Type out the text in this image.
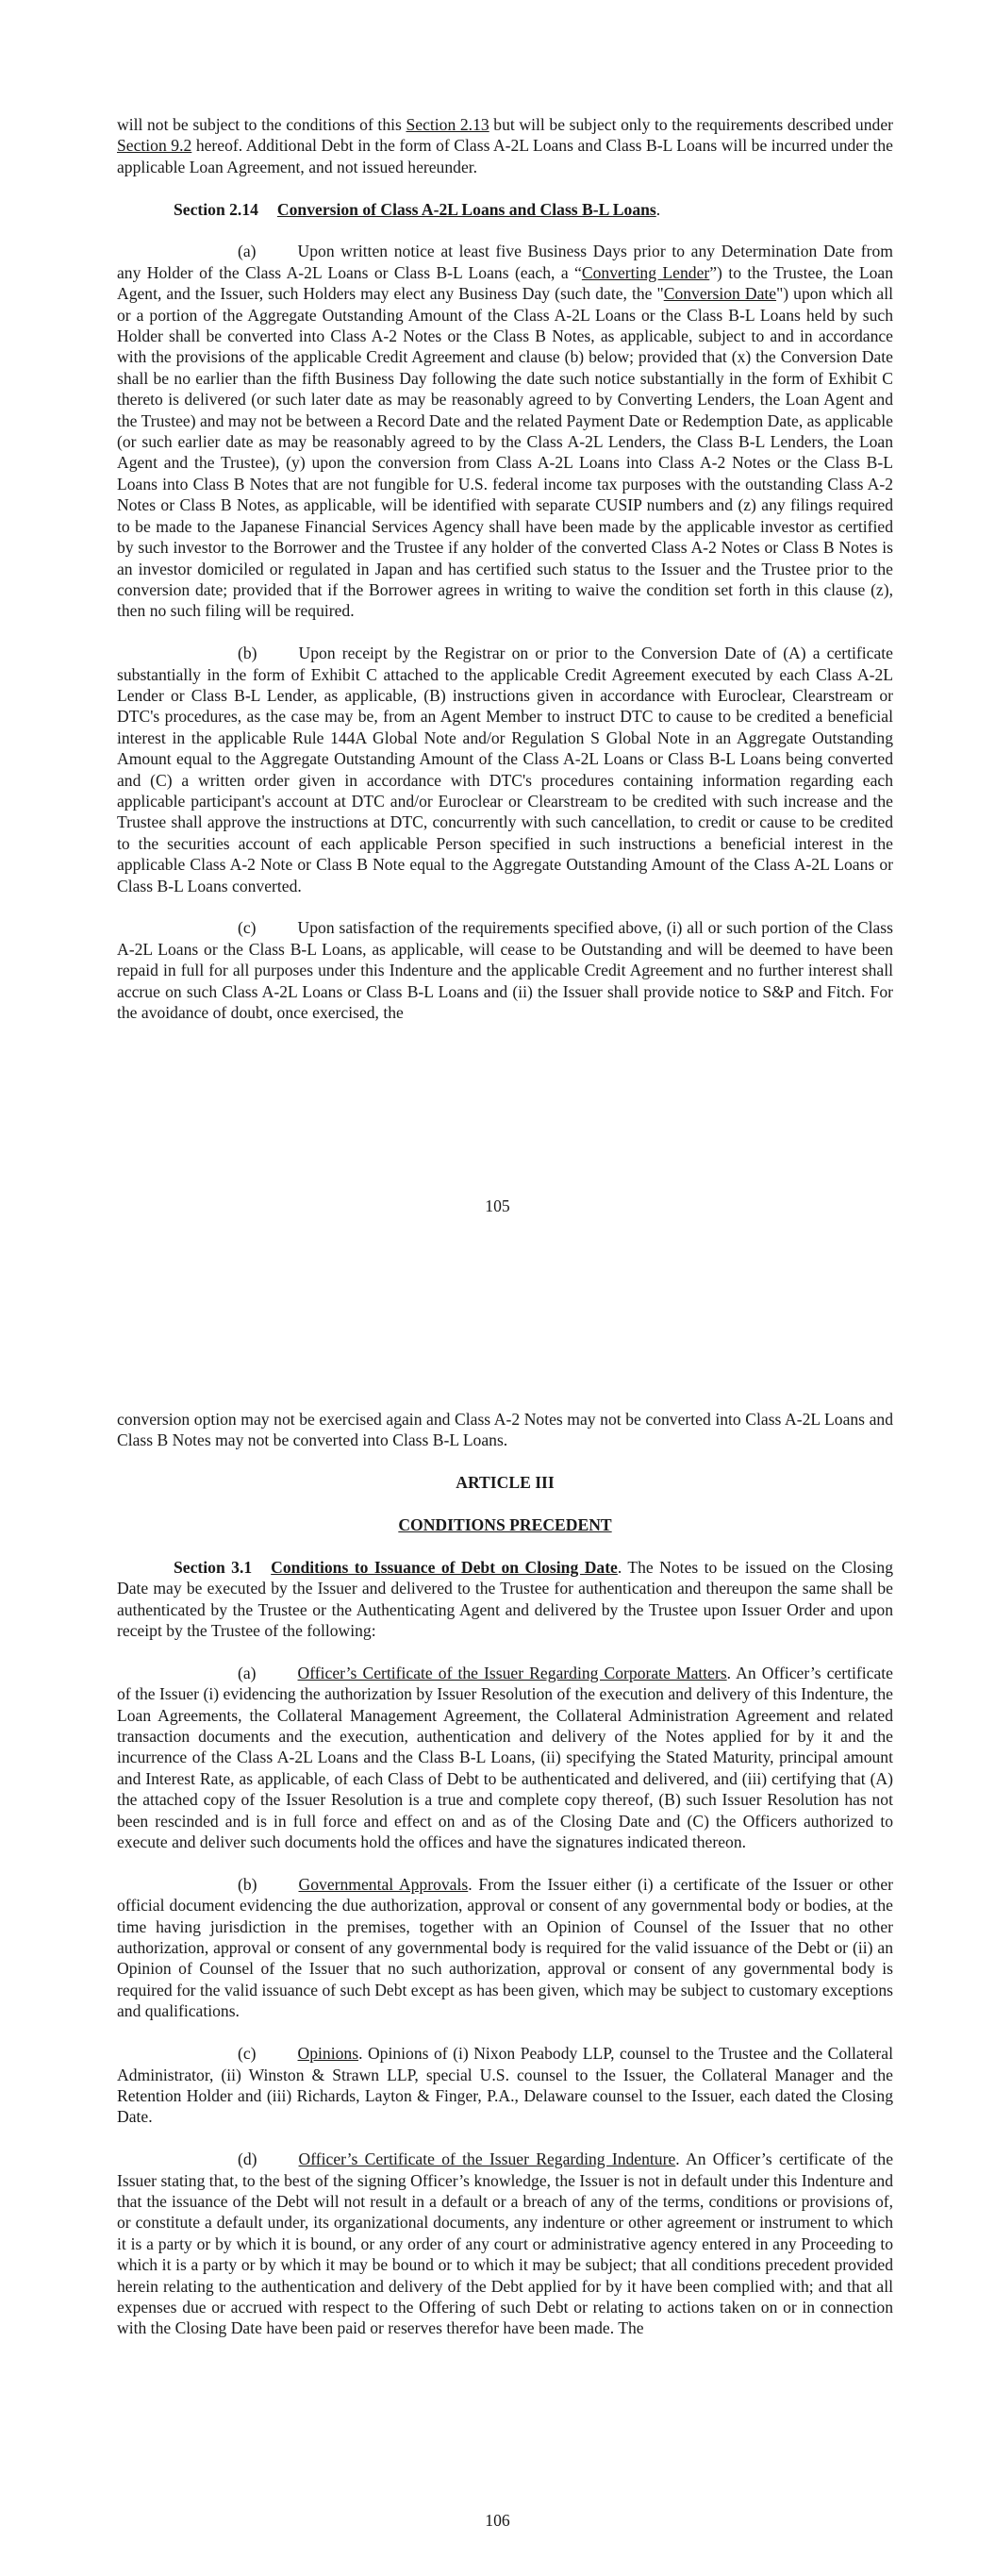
will not be subject to the conditions of this Section 2.13 but will be subject only to the requirements described under Section 9.2 hereof. Additional Debt in the form of Class A-2L Loans and Class B-L Loans will be incurred under the applicable Loan Agreement, and not issued hereunder.

Section 2.14 Conversion of Class A-2L Loans and Class B-L Loans.

(a)	Upon written notice at least five Business Days prior to any Determination Date from any Holder of the Class A-2L Loans or Class B-L Loans (each, a “Converting Lender”) to the Trustee, the Loan Agent, and the Issuer, such Holders may elect any Business Day (such date, the "Conversion Date") upon which all or a portion of the Aggregate Outstanding Amount of the Class A-2L Loans or the Class B-L Loans held by such Holder shall be converted into Class A-2 Notes or the Class B Notes, as applicable, subject to and in accordance with the provisions of the applicable Credit Agreement and clause (b) below; provided that (x) the Conversion Date shall be no earlier than the fifth Business Day following the date such notice substantially in the form of Exhibit C thereto is delivered (or such later date as may be reasonably agreed to by Converting Lenders, the Loan Agent and the Trustee) and may not be between a Record Date and the related Payment Date or Redemption Date, as applicable (or such earlier date as may be reasonably agreed to by the Class A-2L Lenders, the Class B-L Lenders, the Loan Agent and the Trustee), (y) upon the conversion from Class A-2L Loans into Class A-2 Notes or the Class B-L Loans into Class B Notes that are not fungible for U.S. federal income tax purposes with the outstanding Class A-2 Notes or Class B Notes, as applicable, will be identified with separate CUSIP numbers and (z) any filings required to be made to the Japanese Financial Services Agency shall have been made by the applicable investor as certified by such investor to the Borrower and the Trustee if any holder of the converted Class A-2 Notes or Class B Notes is an investor domiciled or regulated in Japan and has certified such status to the Issuer and the Trustee prior to the conversion date; provided that if the Borrower agrees in writing to waive the condition set forth in this clause (z), then no such filing will be required.

(b)	Upon receipt by the Registrar on or prior to the Conversion Date of (A) a certificate substantially in the form of Exhibit C attached to the applicable Credit Agreement executed by each Class A-2L Lender or Class B-L Lender, as applicable, (B) instructions given in accordance with Euroclear, Clearstream or DTC's procedures, as the case may be, from an Agent Member to instruct DTC to cause to be credited a beneficial interest in the applicable Rule 144A Global Note and/or Regulation S Global Note in an Aggregate Outstanding Amount equal to the Aggregate Outstanding Amount of the Class A-2L Loans or Class B-L Loans being converted and (C) a written order given in accordance with DTC's procedures containing information regarding each applicable participant's account at DTC and/or Euroclear or Clearstream to be credited with such increase and the Trustee shall approve the instructions at DTC, concurrently with such cancellation, to credit or cause to be credited to the securities account of each applicable Person specified in such instructions a beneficial interest in the applicable Class A-2 Note or Class B Note equal to the Aggregate Outstanding Amount of the Class A-2L Loans or Class B-L Loans converted.

(c)	Upon satisfaction of the requirements specified above, (i) all or such portion of the Class A-2L Loans or the Class B-L Loans, as applicable, will cease to be Outstanding and will be deemed to have been repaid in full for all purposes under this Indenture and the applicable Credit Agreement and no further interest shall accrue on such Class A-2L Loans or Class B-L Loans and (ii) the Issuer shall provide notice to S&P and Fitch. For the avoidance of doubt, once exercised, the

105

conversion option may not be exercised again and Class A-2 Notes may not be converted into Class A-2L Loans and Class B Notes may not be converted into Class B-L Loans.

ARTICLE III

CONDITIONS PRECEDENT

Section 3.1 Conditions to Issuance of Debt on Closing Date. The Notes to be issued on the Closing Date may be executed by the Issuer and delivered to the Trustee for authentication and thereupon the same shall be authenticated by the Trustee or the Authenticating Agent and delivered by the Trustee upon Issuer Order and upon receipt by the Trustee of the following:

(a)	Officer’s Certificate of the Issuer Regarding Corporate Matters. An Officer’s certificate of the Issuer (i) evidencing the authorization by Issuer Resolution of the execution and delivery of this Indenture, the Loan Agreements, the Collateral Management Agreement, the Collateral Administration Agreement and related transaction documents and the execution, authentication and delivery of the Notes applied for by it and the incurrence of the Class A-2L Loans and the Class B-L Loans, (ii) specifying the Stated Maturity, principal amount and Interest Rate, as applicable, of each Class of Debt to be authenticated and delivered, and (iii) certifying that (A) the attached copy of the Issuer Resolution is a true and complete copy thereof, (B) such Issuer Resolution has not been rescinded and is in full force and effect on and as of the Closing Date and (C) the Officers authorized to execute and deliver such documents hold the offices and have the signatures indicated thereon.

(b)	Governmental Approvals. From the Issuer either (i) a certificate of the Issuer or other official document evidencing the due authorization, approval or consent of any governmental body or bodies, at the time having jurisdiction in the premises, together with an Opinion of Counsel of the Issuer that no other authorization, approval or consent of any governmental body is required for the valid issuance of the Debt or (ii) an Opinion of Counsel of the Issuer that no such authorization, approval or consent of any governmental body is required for the valid issuance of such Debt except as has been given, which may be subject to customary exceptions and qualifications.

(c)	Opinions. Opinions of (i) Nixon Peabody LLP, counsel to the Trustee and the Collateral Administrator, (ii) Winston & Strawn LLP, special U.S. counsel to the Issuer, the Collateral Manager and the Retention Holder and (iii) Richards, Layton & Finger, P.A., Delaware counsel to the Issuer, each dated the Closing Date.

(d)	Officer’s Certificate of the Issuer Regarding Indenture. An Officer’s certificate of the Issuer stating that, to the best of the signing Officer’s knowledge, the Issuer is not in default under this Indenture and that the issuance of the Debt will not result in a default or a breach of any of the terms, conditions or provisions of, or constitute a default under, its organizational documents, any indenture or other agreement or instrument to which it is a party or by which it is bound, or any order of any court or administrative agency entered in any Proceeding to which it is a party or by which it may be bound or to which it may be subject; that all conditions precedent provided herein relating to the authentication and delivery of the Debt applied for by it have been complied with; and that all expenses due or accrued with respect to the Offering of such Debt or relating to actions taken on or in connection with the Closing Date have been paid or reserves therefor have been made. The

106
